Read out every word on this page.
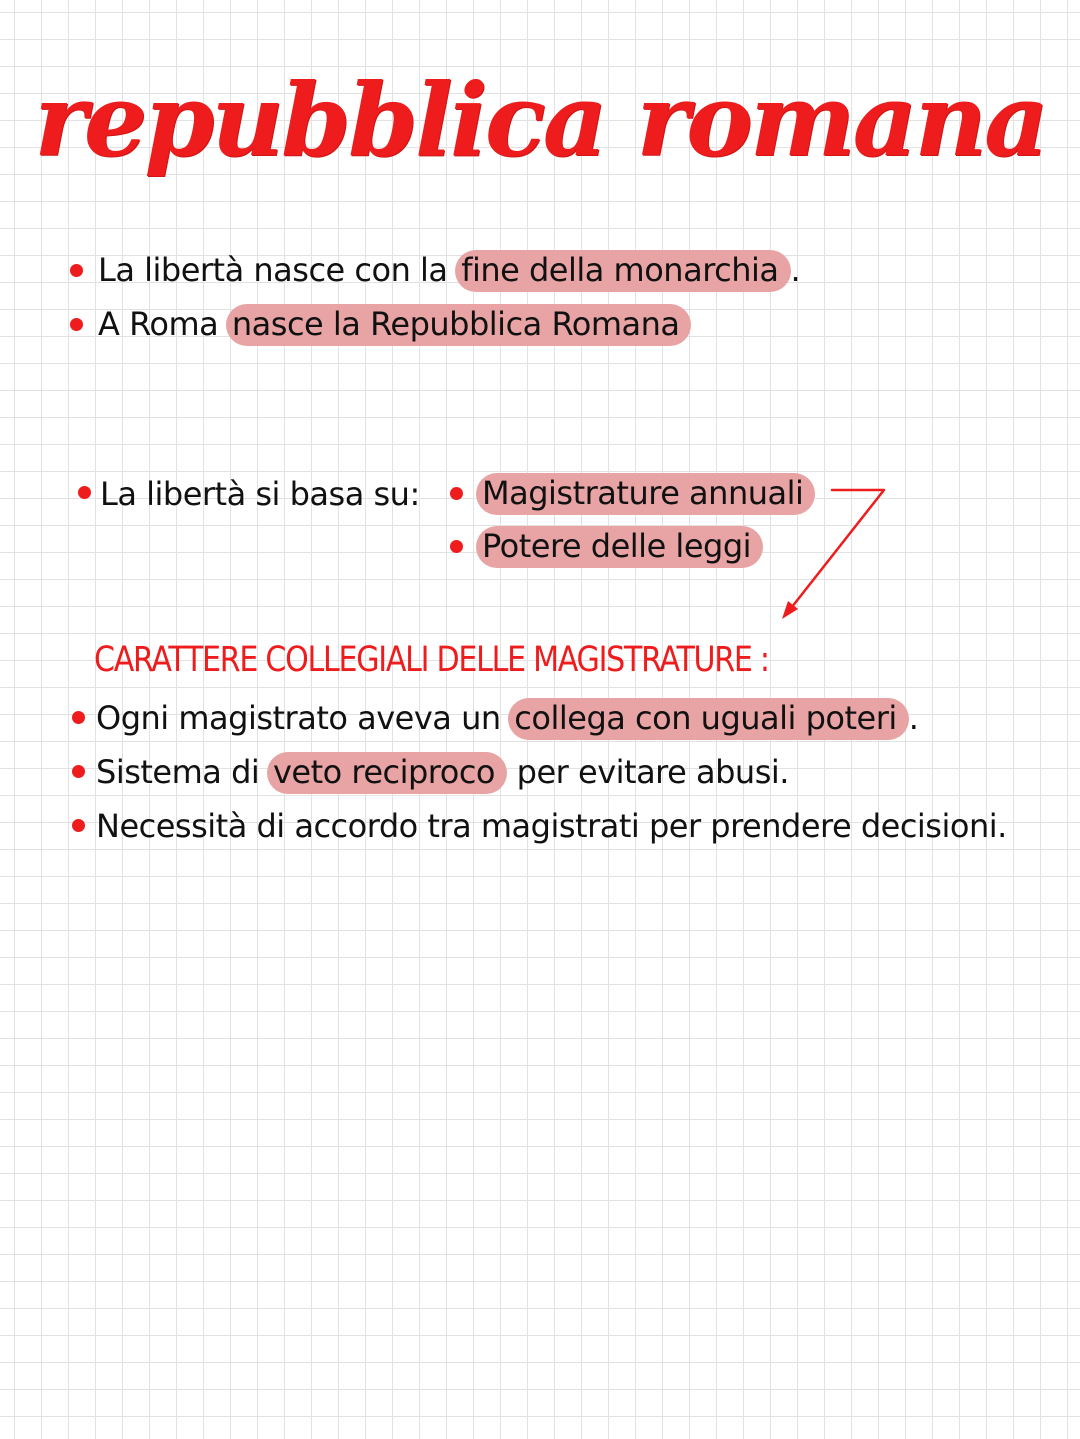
repubblica romana
La libertà nasce con la fine della monarchia .
A Roma nasce la Repubblica Romana
La libertà si basa su: Magistrature annuali
Potere delle leggi
CARATTERE COLLEGIALI DELLE MAGISTRATURE :
Ogni magistrato aveva un collega con uguali poteri .
Sistema di veto reciproco per evitare abusi.
Necessità di accordo tra magistrati per prendere decisioni.
